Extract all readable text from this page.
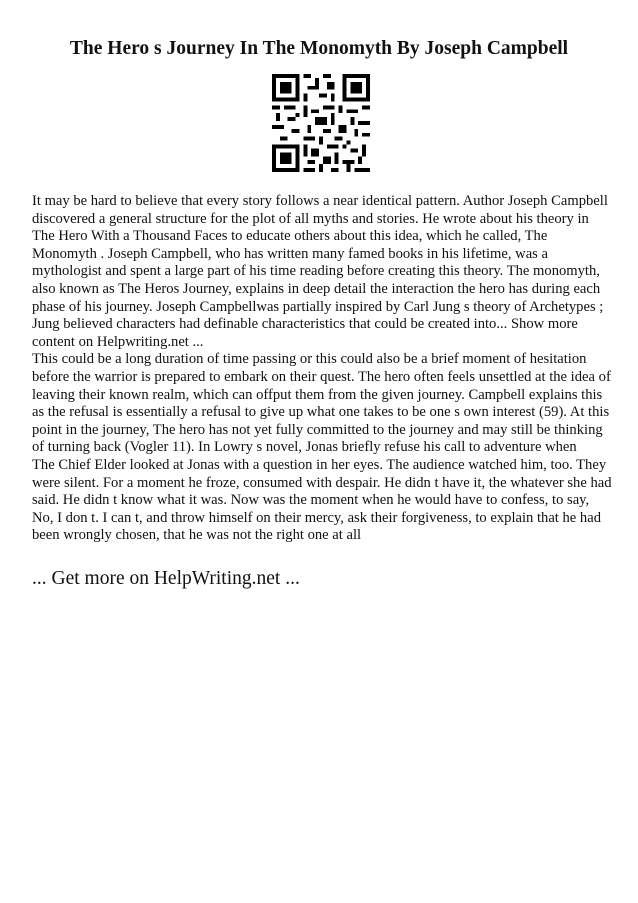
The Hero s Journey In The Monomyth By Joseph Campbell

It may be hard to believe that every story follows a near identical pattern. Author Joseph Campbell discovered a general structure for the plot of all myths and stories. He wrote about his theory in The Hero With a Thousand Faces to educate others about this idea, which he called, The Monomyth . Joseph Campbell, who has written many famed books in his lifetime, was a mythologist and spent a large part of his time reading before creating this theory. The monomyth, also known as The Heros Journey, explains in deep detail the interaction the hero has during each phase of his journey. Joseph Campbellwas partially inspired by Carl Jung s theory of Archetypes ; Jung believed characters had definable characteristics that could be created into... Show more content on Helpwriting.net ...

This could be a long duration of time passing or this could also be a brief moment of hesitation before the warrior is prepared to embark on their quest. The hero often feels unsettled at the idea of leaving their known realm, which can offput them from the given journey. Campbell explains this as the refusal is essentially a refusal to give up what one takes to be one s own interest (59). At this point in the journey, The hero has not yet fully committed to the journey and may still be thinking of turning back (Vogler 11). In Lowry s novel, Jonas briefly refuse his call to adventure when

The Chief Elder looked at Jonas with a question in her eyes. The audience watched him, too. They were silent. For a moment he froze, consumed with despair. He didn t have it, the whatever she had said. He didn t know what it was. Now was the moment when he would have to confess, to say, No, I don t. I can t, and throw himself on their mercy, ask their forgiveness, to explain that he had been wrongly chosen, that he was not the right one at all

... Get more on HelpWriting.net ...
